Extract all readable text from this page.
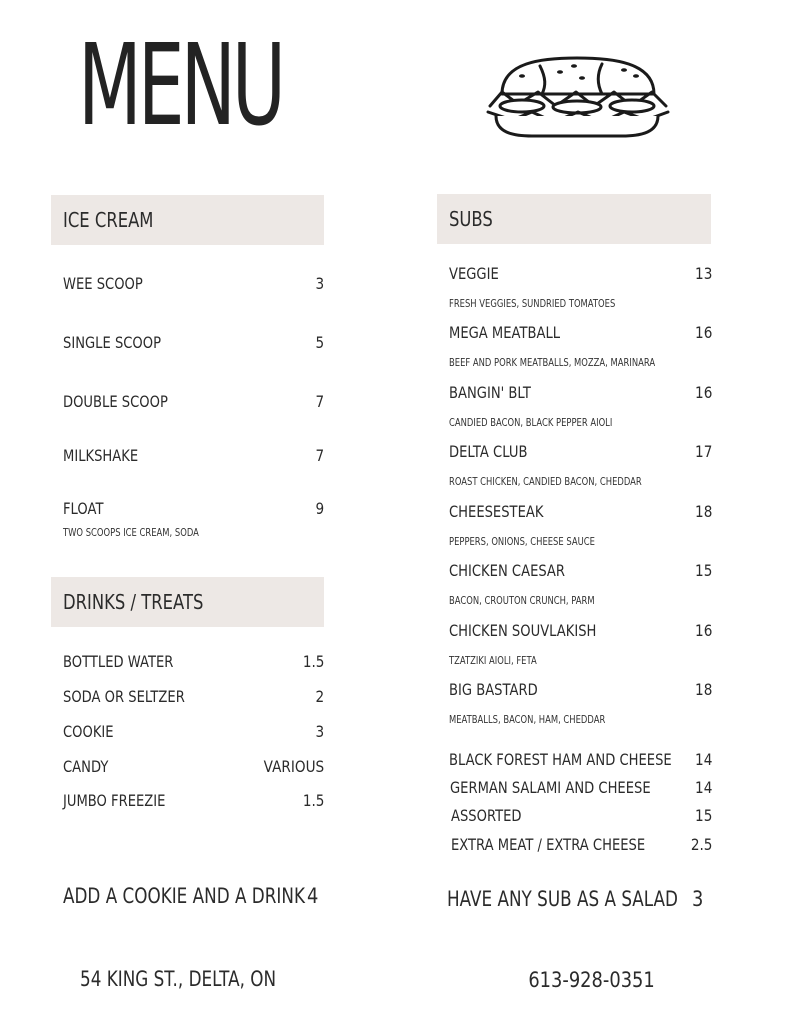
MENU
ICE CREAM
WEE SCOOP	3
SINGLE SCOOP	5
DOUBLE SCOOP	7
MILKSHAKE	7
FLOAT	9
TWO SCOOPS ICE CREAM, SODA
DRINKS / TREATS
BOTTLED WATER	1.5
SODA OR SELTZER	2
COOKIE	3
CANDY	VARIOUS
JUMBO FREEZIE	1.5
ADD A COOKIE AND A DRINK 4
SUBS
VEGGIE	13
FRESH VEGGIES, SUNDRIED TOMATOES
MEGA MEATBALL	16
BEEF AND PORK MEATBALLS, MOZZA, MARINARA
BANGIN' BLT	16
CANDIED BACON, BLACK PEPPER AIOLI
DELTA CLUB	17
ROAST CHICKEN, CANDIED BACON, CHEDDAR
CHEESESTEAK	18
PEPPERS, ONIONS, CHEESE SAUCE
CHICKEN CAESAR	15
BACON, CROUTON CRUNCH, PARM
CHICKEN SOUVLAKISH	16
TZATZIKI AIOLI, FETA
BIG BASTARD	18
MEATBALLS, BACON, HAM, CHEDDAR
BLACK FOREST HAM AND CHEESE 14
GERMAN SALAMI AND CHEESE	14
ASSORTED	15
EXTRA MEAT / EXTRA CHEESE	2.5
HAVE ANY SUB AS A SALAD 3
54 KING ST., DELTA, ON	613-928-0351
